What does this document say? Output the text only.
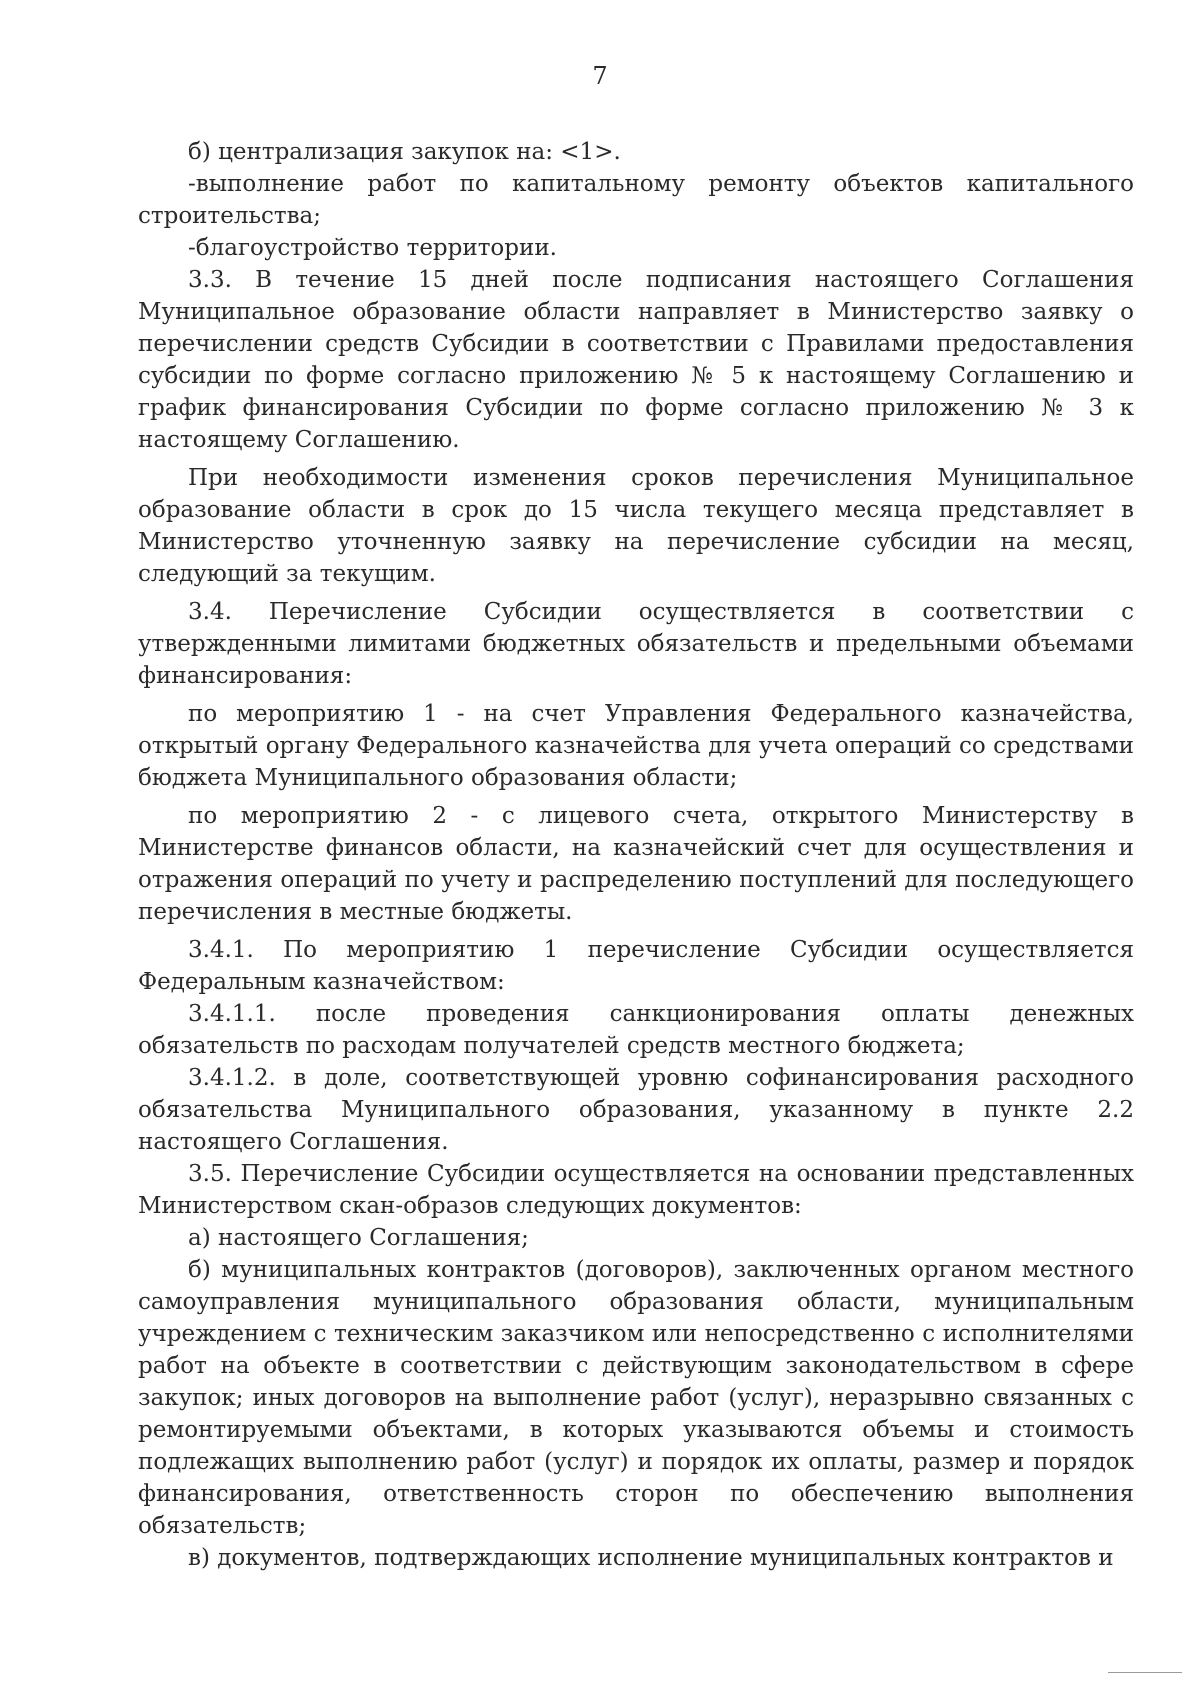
7

б) централизация закупок на: <1>.

-выполнение работ по капитальному ремонту объектов капитального строительства;

-благоустройство территории.

3.3. В течение 15 дней после подписания настоящего Соглашения Муниципальное образование области направляет в Министерство заявку о перечислении средств Субсидии в соответствии с Правилами предоставления субсидии по форме согласно приложению № 5 к настоящему Соглашению и график финансирования Субсидии по форме согласно приложению № 3 к настоящему Соглашению.

При необходимости изменения сроков перечисления Муниципальное образование области в срок до 15 числа текущего месяца представляет в Министерство уточненную заявку на перечисление субсидии на месяц, следующий за текущим.

3.4. Перечисление Субсидии осуществляется в соответствии с утвержденными лимитами бюджетных обязательств и предельными объемами финансирования:

по мероприятию 1 - на счет Управления Федерального казначейства, открытый органу Федерального казначейства для учета операций со средствами бюджета Муниципального образования области;

по мероприятию 2 - с лицевого счета, открытого Министерству в Министерстве финансов области, на казначейский счет для осуществления и отражения операций по учету и распределению поступлений для последующего перечисления в местные бюджеты.

3.4.1. По мероприятию 1 перечисление Субсидии осуществляется Федеральным казначейством:

3.4.1.1. после проведения санкционирования оплаты денежных обязательств по расходам получателей средств местного бюджета;

3.4.1.2. в доле, соответствующей уровню софинансирования расходного обязательства Муниципального образования, указанному в пункте 2.2 настоящего Соглашения.

3.5. Перечисление Субсидии осуществляется на основании представленных Министерством скан-образов следующих документов:

а) настоящего Соглашения;

б) муниципальных контрактов (договоров), заключенных органом местного самоуправления муниципального образования области, муниципальным учреждением с техническим заказчиком или непосредственно с исполнителями работ на объекте в соответствии с действующим законодательством в сфере закупок; иных договоров на выполнение работ (услуг), неразрывно связанных с ремонтируемыми объектами, в которых указываются объемы и стоимость подлежащих выполнению работ (услуг) и порядок их оплаты, размер и порядок финансирования, ответственность сторон по обеспечению выполнения обязательств;

в) документов, подтверждающих исполнение муниципальных контрактов и
